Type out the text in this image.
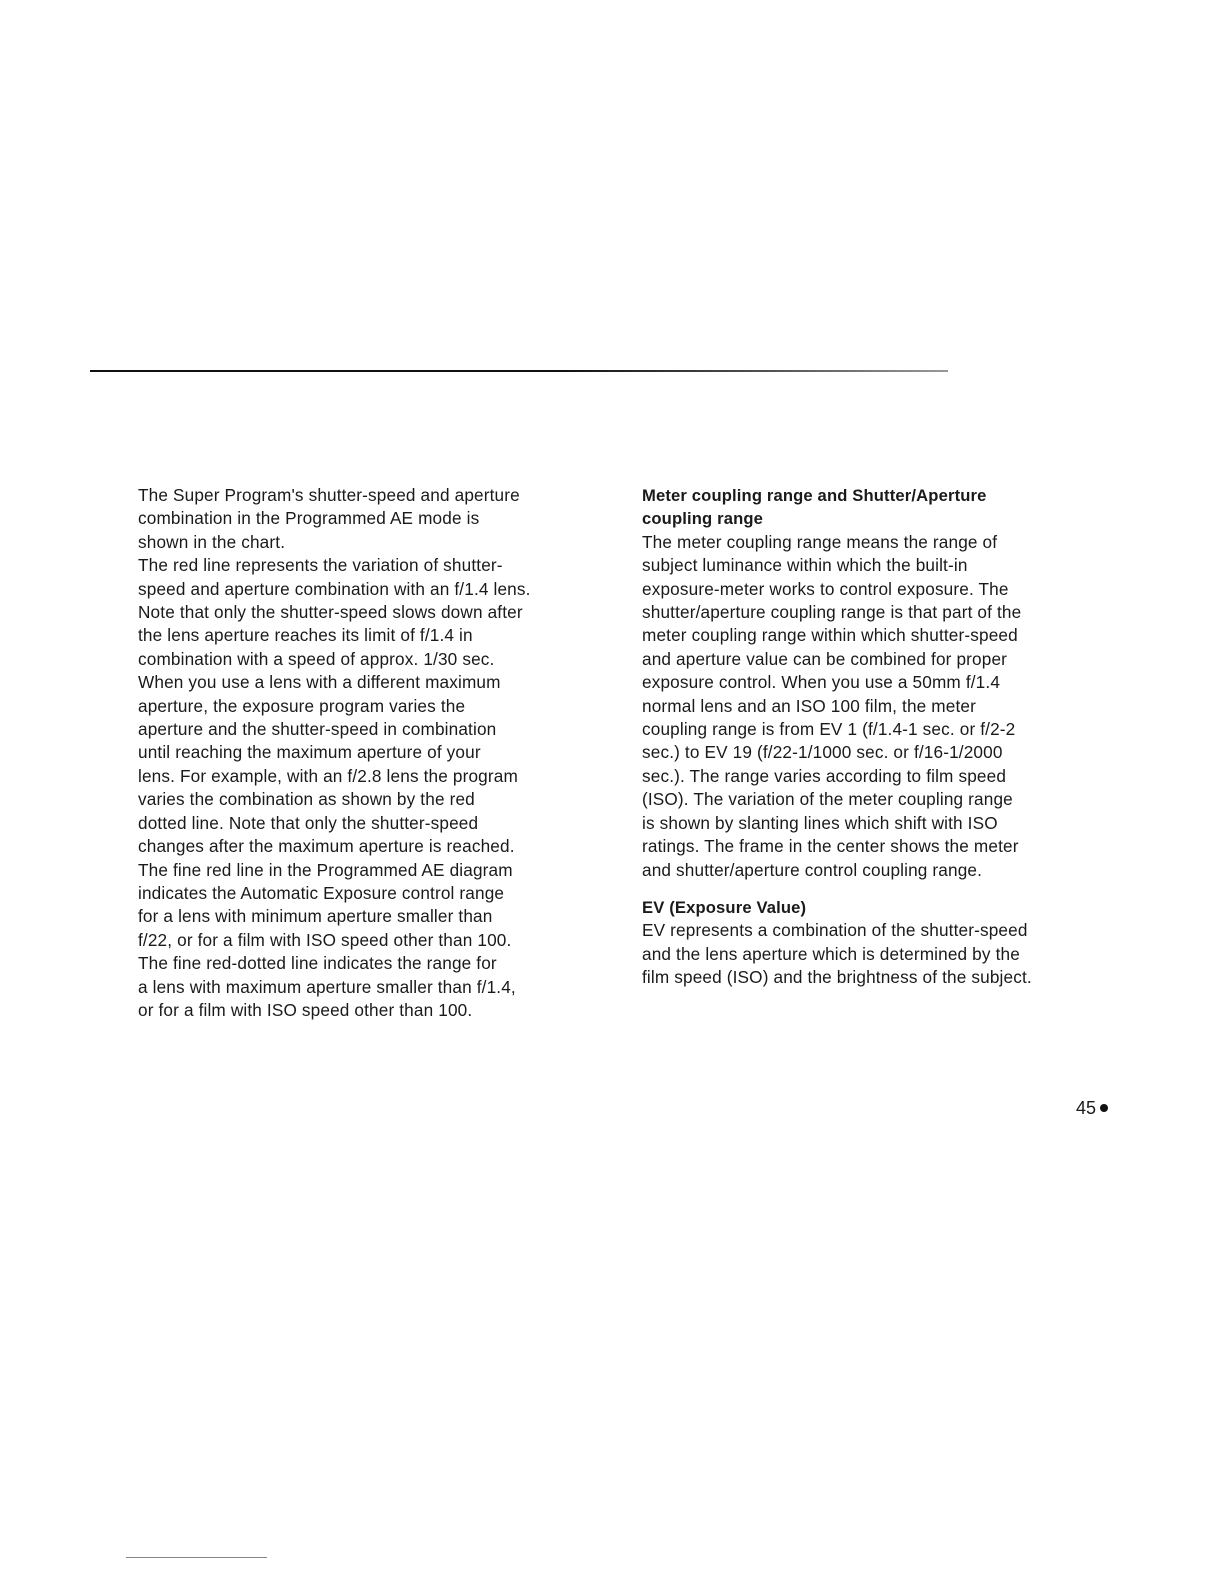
The Super Program's shutter-speed and aperture
combination in the Programmed AE mode is
shown in the chart.
The red line represents the variation of shutter-
speed and aperture combination with an f/1.4 lens.
Note that only the shutter-speed slows down after
the lens aperture reaches its limit of f/1.4 in
combination with a speed of approx. 1/30 sec.
When you use a lens with a different maximum
aperture, the exposure program varies the
aperture and the shutter-speed in combination
until reaching the maximum aperture of your
lens. For example, with an f/2.8 lens the program
varies the combination as shown by the red
dotted line. Note that only the shutter-speed
changes after the maximum aperture is reached.
The fine red line in the Programmed AE diagram
indicates the Automatic Exposure control range
for a lens with minimum aperture smaller than
f/22, or for a film with ISO speed other than 100.
The fine red-dotted line indicates the range for
a lens with maximum aperture smaller than f/1.4,
or for a film with ISO speed other than 100.
Meter coupling range and Shutter/Aperture
coupling range
The meter coupling range means the range of
subject luminance within which the built-in
exposure-meter works to control exposure. The
shutter/aperture coupling range is that part of the
meter coupling range within which shutter-speed
and aperture value can be combined for proper
exposure control. When you use a 50mm f/1.4
normal lens and an ISO 100 film, the meter
coupling range is from EV 1 (f/1.4-1 sec. or f/2-2
sec.) to EV 19 (f/22-1/1000 sec. or f/16-1/2000
sec.). The range varies according to film speed
(ISO). The variation of the meter coupling range
is shown by slanting lines which shift with ISO
ratings. The frame in the center shows the meter
and shutter/aperture control coupling range.
EV (Exposure Value)
EV represents a combination of the shutter-speed
and the lens aperture which is determined by the
film speed (ISO) and the brightness of the subject.
45
